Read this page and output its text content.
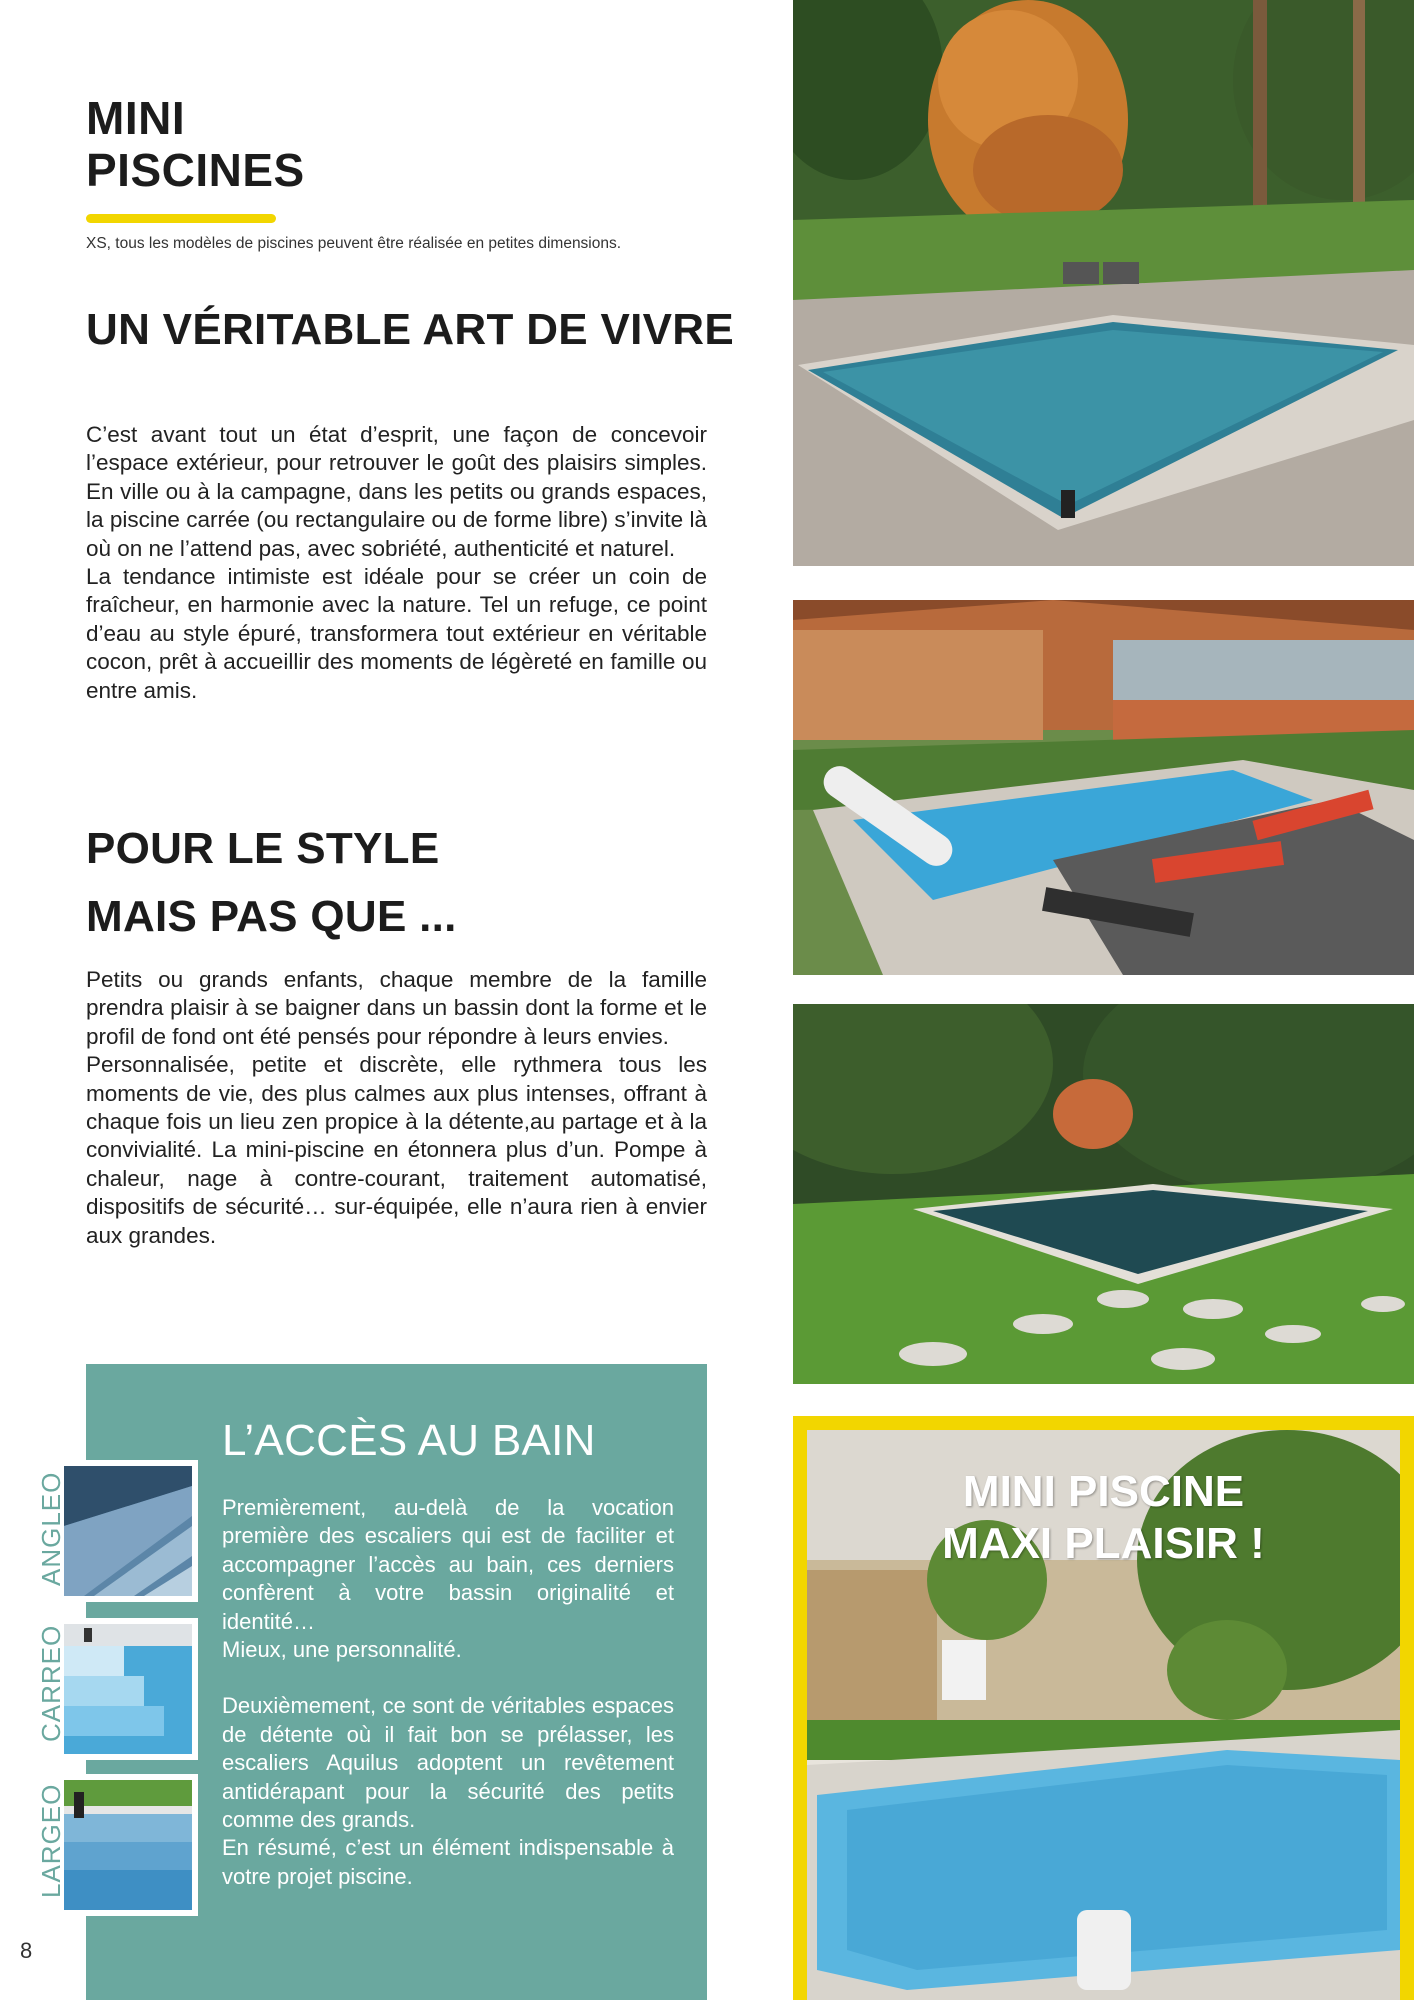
MINI
PISCINES
XS, tous les modèles de piscines peuvent être réalisée en petites dimensions.
UN VÉRITABLE ART DE VIVRE

C’est avant tout un état d’esprit, une façon de concevoir l’espace extérieur, pour retrouver le goût des plaisirs simples. En ville ou à la campagne, dans les petits ou grands espaces, la piscine carrée (ou rectangulaire ou de forme libre) s’invite là où on ne l’attend pas, avec sobriété, authenticité et naturel.

La tendance intimiste est idéale pour se créer un coin de fraîcheur, en harmonie avec la nature. Tel un refuge, ce point d’eau au style épuré, transformera tout extérieur en véritable cocon, prêt à accueillir des moments de légèreté en famille ou entre amis.

POUR LE STYLE
MAIS PAS QUE ...

Petits ou grands enfants, chaque membre de la famille prendra plaisir à se baigner dans un bassin dont la forme et le profil de fond ont été pensés pour répondre à leurs envies.

Personnalisée, petite et discrète, elle rythmera tous les moments de vie, des plus calmes aux plus intenses, offrant à chaque fois un lieu zen propice à la détente,au partage et à la convivialité. La mini-piscine en étonnera plus d’un. Pompe à chaleur, nage à contre-courant, traitement automatisé, dispositifs de sécurité… sur-équipée, elle n’aura rien à envier aux grandes.

L’ACCÈS AU BAIN

Premièrement, au-delà de la vocation première des escaliers qui est de faciliter et accompagner l’accès au bain, ces derniers confèrent à votre bassin originalité et identité…

Mieux, une personnalité.

Deuxièmement, ce sont de véritables espaces de détente où il fait bon se prélasser, les escaliers Aquilus adoptent un revêtement antidérapant pour la sécurité des petits comme des grands.

En résumé, c’est un élément indispensable à votre projet piscine.

ANGLEO
CARREO
LARGEO
8
MINI PISCINE
MAXI PLAISIR !
